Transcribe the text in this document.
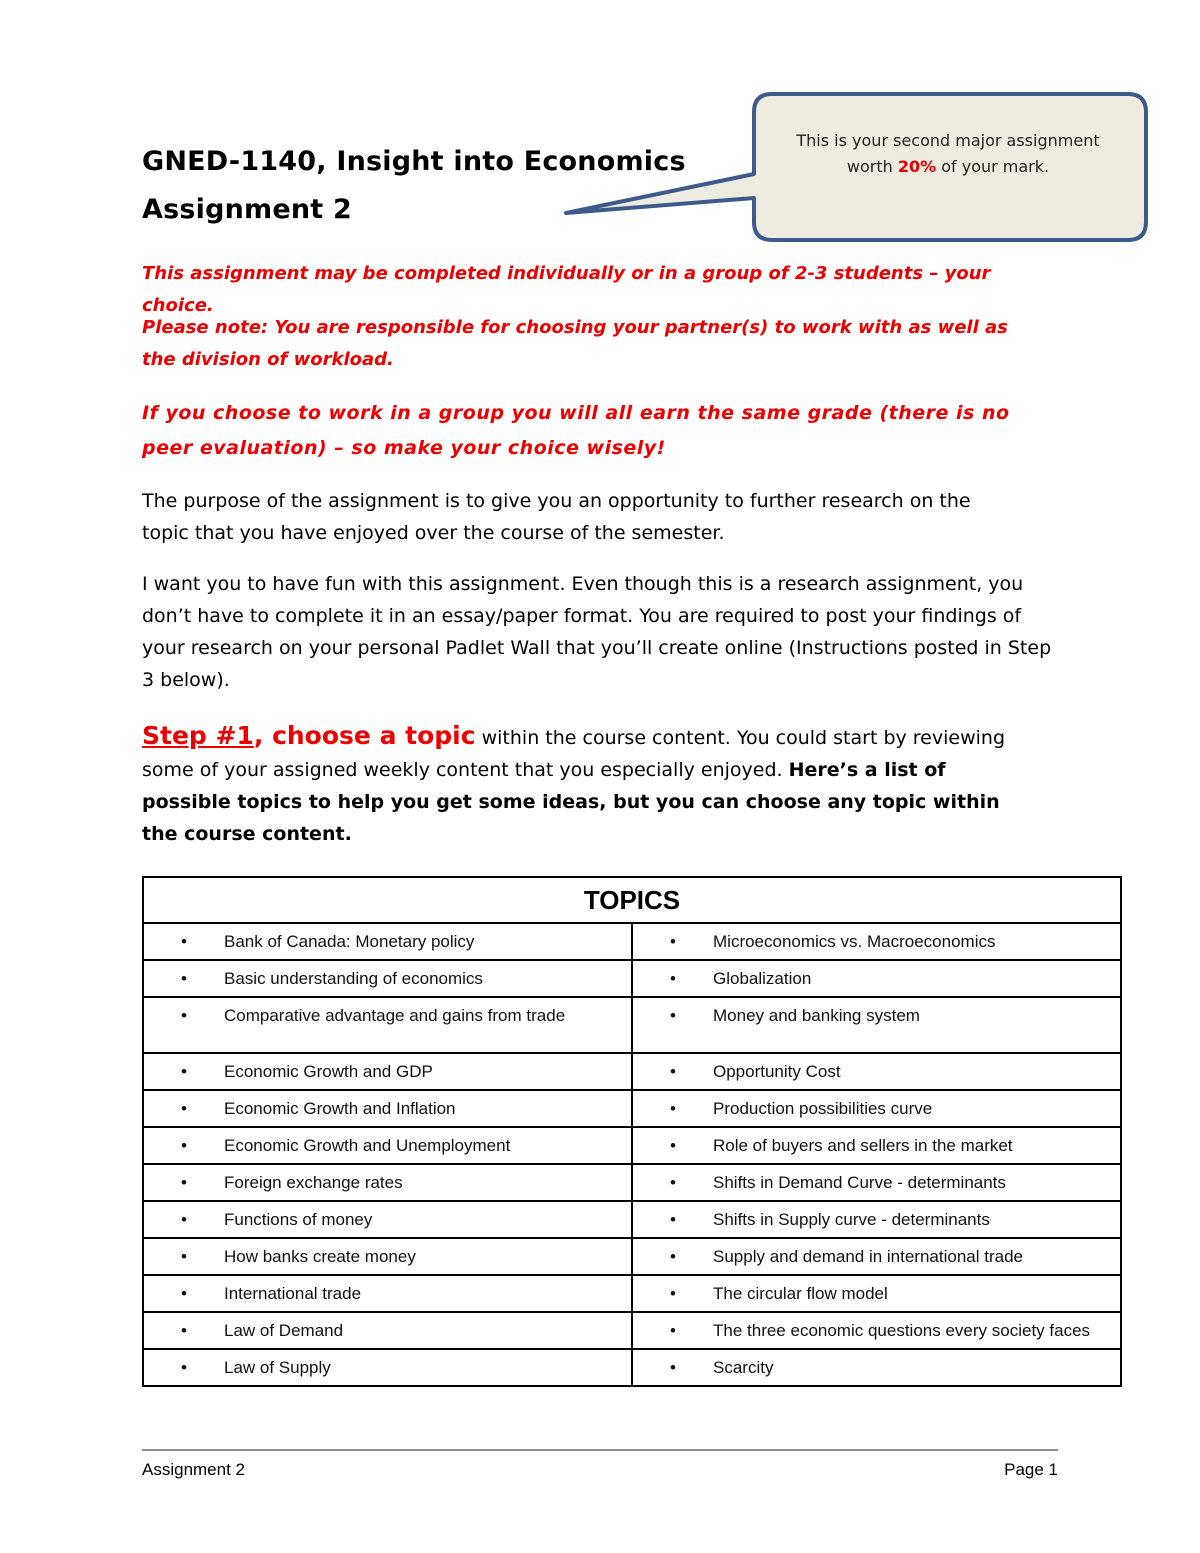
GNED-1140, Insight into Economics
Assignment 2
This is your second major assignment
worth 20% of your mark.

This assignment may be completed individually or in a group of 2-3 students – your choice.

Please note: You are responsible for choosing your partner(s) to work with as well as the division of workload.

If you choose to work in a group you will all earn the same grade (there is no peer evaluation) – so make your choice wisely!

The purpose of the assignment is to give you an opportunity to further research on the topic that you have enjoyed over the course of the semester.

I want you to have fun with this assignment. Even though this is a research assignment, you don’t have to complete it in an essay/paper format. You are required to post your findings of your research on your personal Padlet Wall that you’ll create online (Instructions posted in Step 3 below).

Step #1, choose a topic within the course content. You could start by reviewing some of your assigned weekly content that you especially enjoyed. Here’s a list of possible topics to help you get some ideas, but you can choose any topic within the course content.

TOPICS	

• Bank of Canada: Monetary policy	• Microeconomics vs. Macroeconomics

• Basic understanding of economics	• Globalization

• Comparative advantage and gains from trade	• Money and banking system

• Economic Growth and GDP	• Opportunity Cost

• Economic Growth and Inflation	• Production possibilities curve

• Economic Growth and Unemployment	• Role of buyers and sellers in the market

• Foreign exchange rates	• Shifts in Demand Curve - determinants

• Functions of money	• Shifts in Supply curve - determinants

• How banks create money	• Supply and demand in international trade

• International trade	• The circular flow model

• Law of Demand	• The three economic questions every society faces

• Law of Supply	• Scarcity
Assignment 2	Page 1
